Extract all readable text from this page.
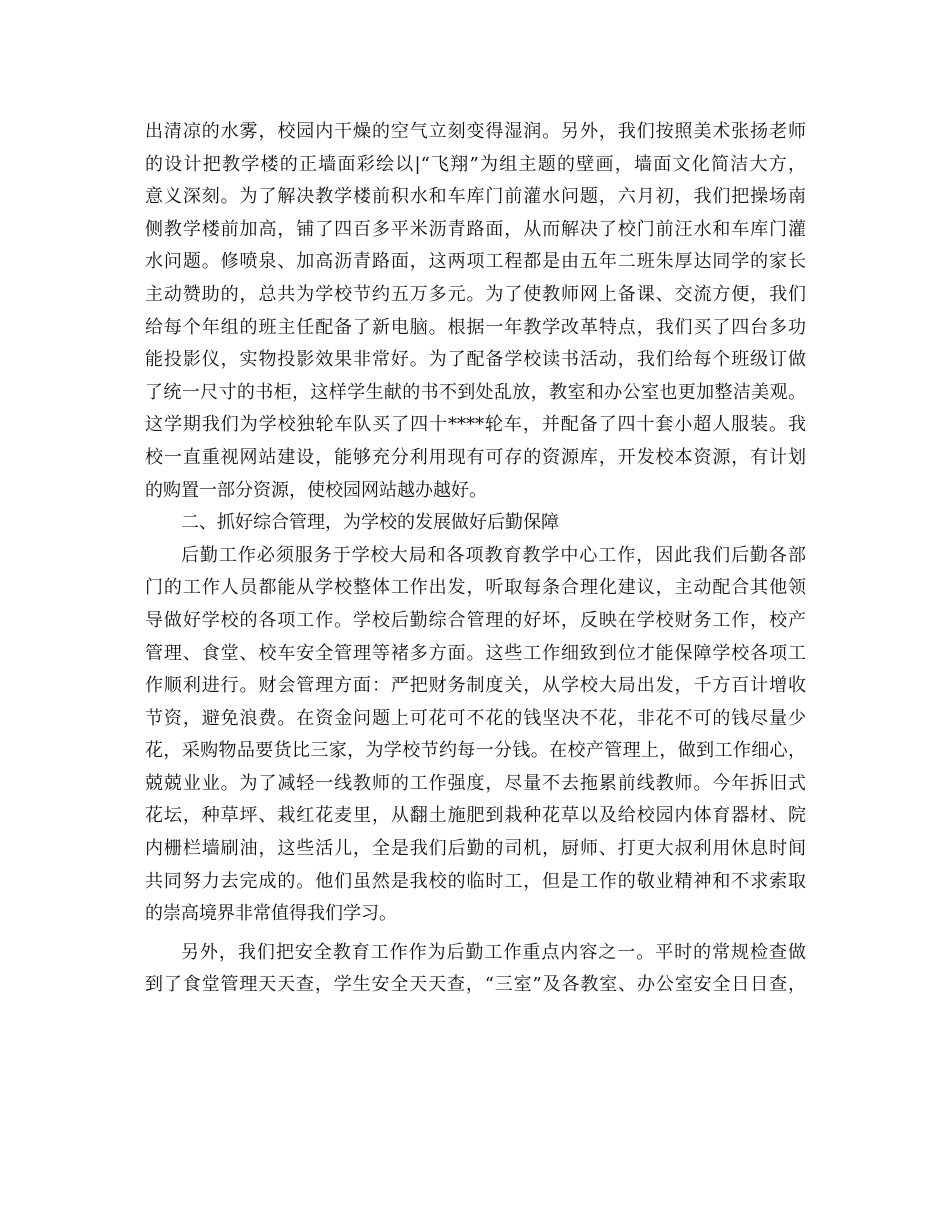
出清凉的水雾，校园内干燥的空气立刻变得湿润。另外，我们按照美术张扬老师
的设计把教学楼的正墙面彩绘以|“飞翔”为组主题的壁画，墙面文化简洁大方，
意义深刻。为了解决教学楼前积水和车库门前灌水问题，六月初，我们把操场南
侧教学楼前加高，铺了四百多平米沥青路面，从而解决了校门前汪水和车库门灌
水问题。修喷泉、加高沥青路面，这两项工程都是由五年二班朱厚达同学的家长
主动赞助的，总共为学校节约五万多元。为了使教师网上备课、交流方便，我们
给每个年组的班主任配备了新电脑。根据一年教学改革特点，我们买了四台多功
能投影仪，实物投影效果非常好。为了配备学校读书活动，我们给每个班级订做
了统一尺寸的书柜，这样学生献的书不到处乱放，教室和办公室也更加整洁美观。
这学期我们为学校独轮车队买了四十****轮车，并配备了四十套小超人服装。我
校一直重视网站建设，能够充分利用现有可存的资源库，开发校本资源，有计划
的购置一部分资源，使校园网站越办越好。
二、抓好综合管理，为学校的发展做好后勤保障
后勤工作必须服务于学校大局和各项教育教学中心工作，因此我们后勤各部
门的工作人员都能从学校整体工作出发，听取每条合理化建议，主动配合其他领
导做好学校的各项工作。学校后勤综合管理的好坏，反映在学校财务工作，校产
管理、食堂、校车安全管理等褚多方面。这些工作细致到位才能保障学校各项工
作顺利进行。财会管理方面：严把财务制度关，从学校大局出发，千方百计增收
节资，避免浪费。在资金问题上可花可不花的钱坚决不花，非花不可的钱尽量少
花，采购物品要货比三家，为学校节约每一分钱。在校产管理上，做到工作细心，
兢兢业业。为了减轻一线教师的工作强度，尽量不去拖累前线教师。今年拆旧式
花坛，种草坪、栽红花麦里，从翻土施肥到栽种花草以及给校园内体育器材、院
内栅栏墙刷油，这些活儿，全是我们后勤的司机，厨师、打更大叔利用休息时间
共同努力去完成的。他们虽然是我校的临时工，但是工作的敬业精神和不求索取
的崇高境界非常值得我们学习。
另外，我们把安全教育工作作为后勤工作重点内容之一。平时的常规检查做
到了食堂管理天天查，学生安全天天查，“三室”及各教室、办公室安全日日查，
